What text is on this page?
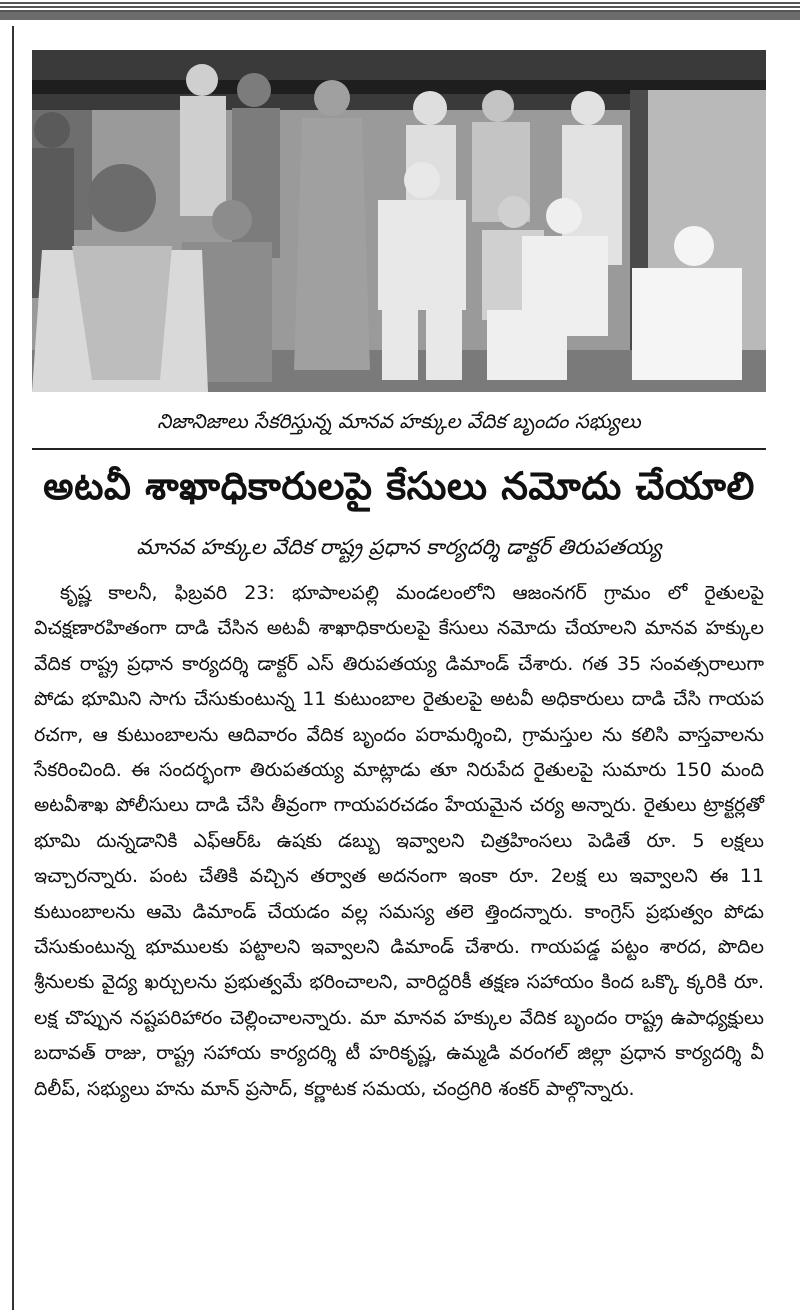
నిజానిజాలు సేకరిస్తున్న మానవ హక్కుల వేదిక బృందం సభ్యులు
అటవీ శాఖాధికారులపై కేసులు నమోదు చేయాలి
మానవ హక్కుల వేదిక రాష్ట్ర ప్రధాన కార్యదర్శి డాక్టర్ తిరుపతయ్య

కృష్ణ కాలనీ, ఫిబ్రవరి 23: భూపాలపల్లి మండలంలోని ఆజంనగర్ గ్రామం లో రైతులపై విచక్షణారహితంగా దాడి చేసిన అటవీ శాఖాధికారులపై కేసులు నమోదు చేయాలని మానవ హక్కుల వేదిక రాష్ట్ర ప్రధాన కార్యదర్శి డాక్టర్ ఎస్ తిరుపతయ్య డిమాండ్ చేశారు. గత 35 సంవత్సరాలుగా పోడు భూమిని సాగు చేసుకుంటున్న 11 కుటుంబాల రైతులపై అటవీ అధికారులు దాడి చేసి గాయప రచగా, ఆ కుటుంబాలను ఆదివారం వేదిక బృందం పరామర్శించి, గ్రామస్తుల ను కలిసి వాస్తవాలను సేకరించింది. ఈ సందర్భంగా తిరుపతయ్య మాట్లాడు తూ నిరుపేద రైతులపై సుమారు 150 మంది అటవీశాఖ పోలీసులు దాడి చేసి తీవ్రంగా గాయపరచడం హేయమైన చర్య అన్నారు. రైతులు ట్రాక్టర్లతో భూమి దున్నడానికి ఎఫ్ఆర్ఓ ఉషకు డబ్బు ఇవ్వాలని చిత్రహింసలు పెడితే రూ. 5 లక్షలు ఇచ్చారన్నారు. పంట చేతికి వచ్చిన తర్వాత అదనంగా ఇంకా రూ. 2లక్ష లు ఇవ్వాలని ఈ 11 కుటుంబాలను ఆమె డిమాండ్ చేయడం వల్ల సమస్య తలె త్తిందన్నారు. కాంగ్రెస్ ప్రభుత్వం పోడు చేసుకుంటున్న భూములకు పట్టాలని ఇవ్వాలని డిమాండ్ చేశారు. గాయపడ్డ పట్టం శారద, పొదిల శ్రీనులకు వైద్య ఖర్చులను ప్రభుత్వమే భరించాలని, వారిద్దరికీ తక్షణ సహాయం కింద ఒక్కొ క్కరికి రూ. లక్ష చొప్పున నష్టపరిహారం చెల్లించాలన్నారు. మా మానవ హక్కుల వేదిక బృందం రాష్ట్ర ఉపాధ్యక్షులు బదావత్ రాజు, రాష్ట్ర సహాయ కార్యదర్శి టీ హరికృష్ణ, ఉమ్మడి వరంగల్ జిల్లా ప్రధాన కార్యదర్శి వీ దిలీప్, సభ్యులు హను మాన్ ప్రసాద్, కర్ణాటక సమయ, చంద్రగిరి శంకర్ పాల్గొన్నారు.
